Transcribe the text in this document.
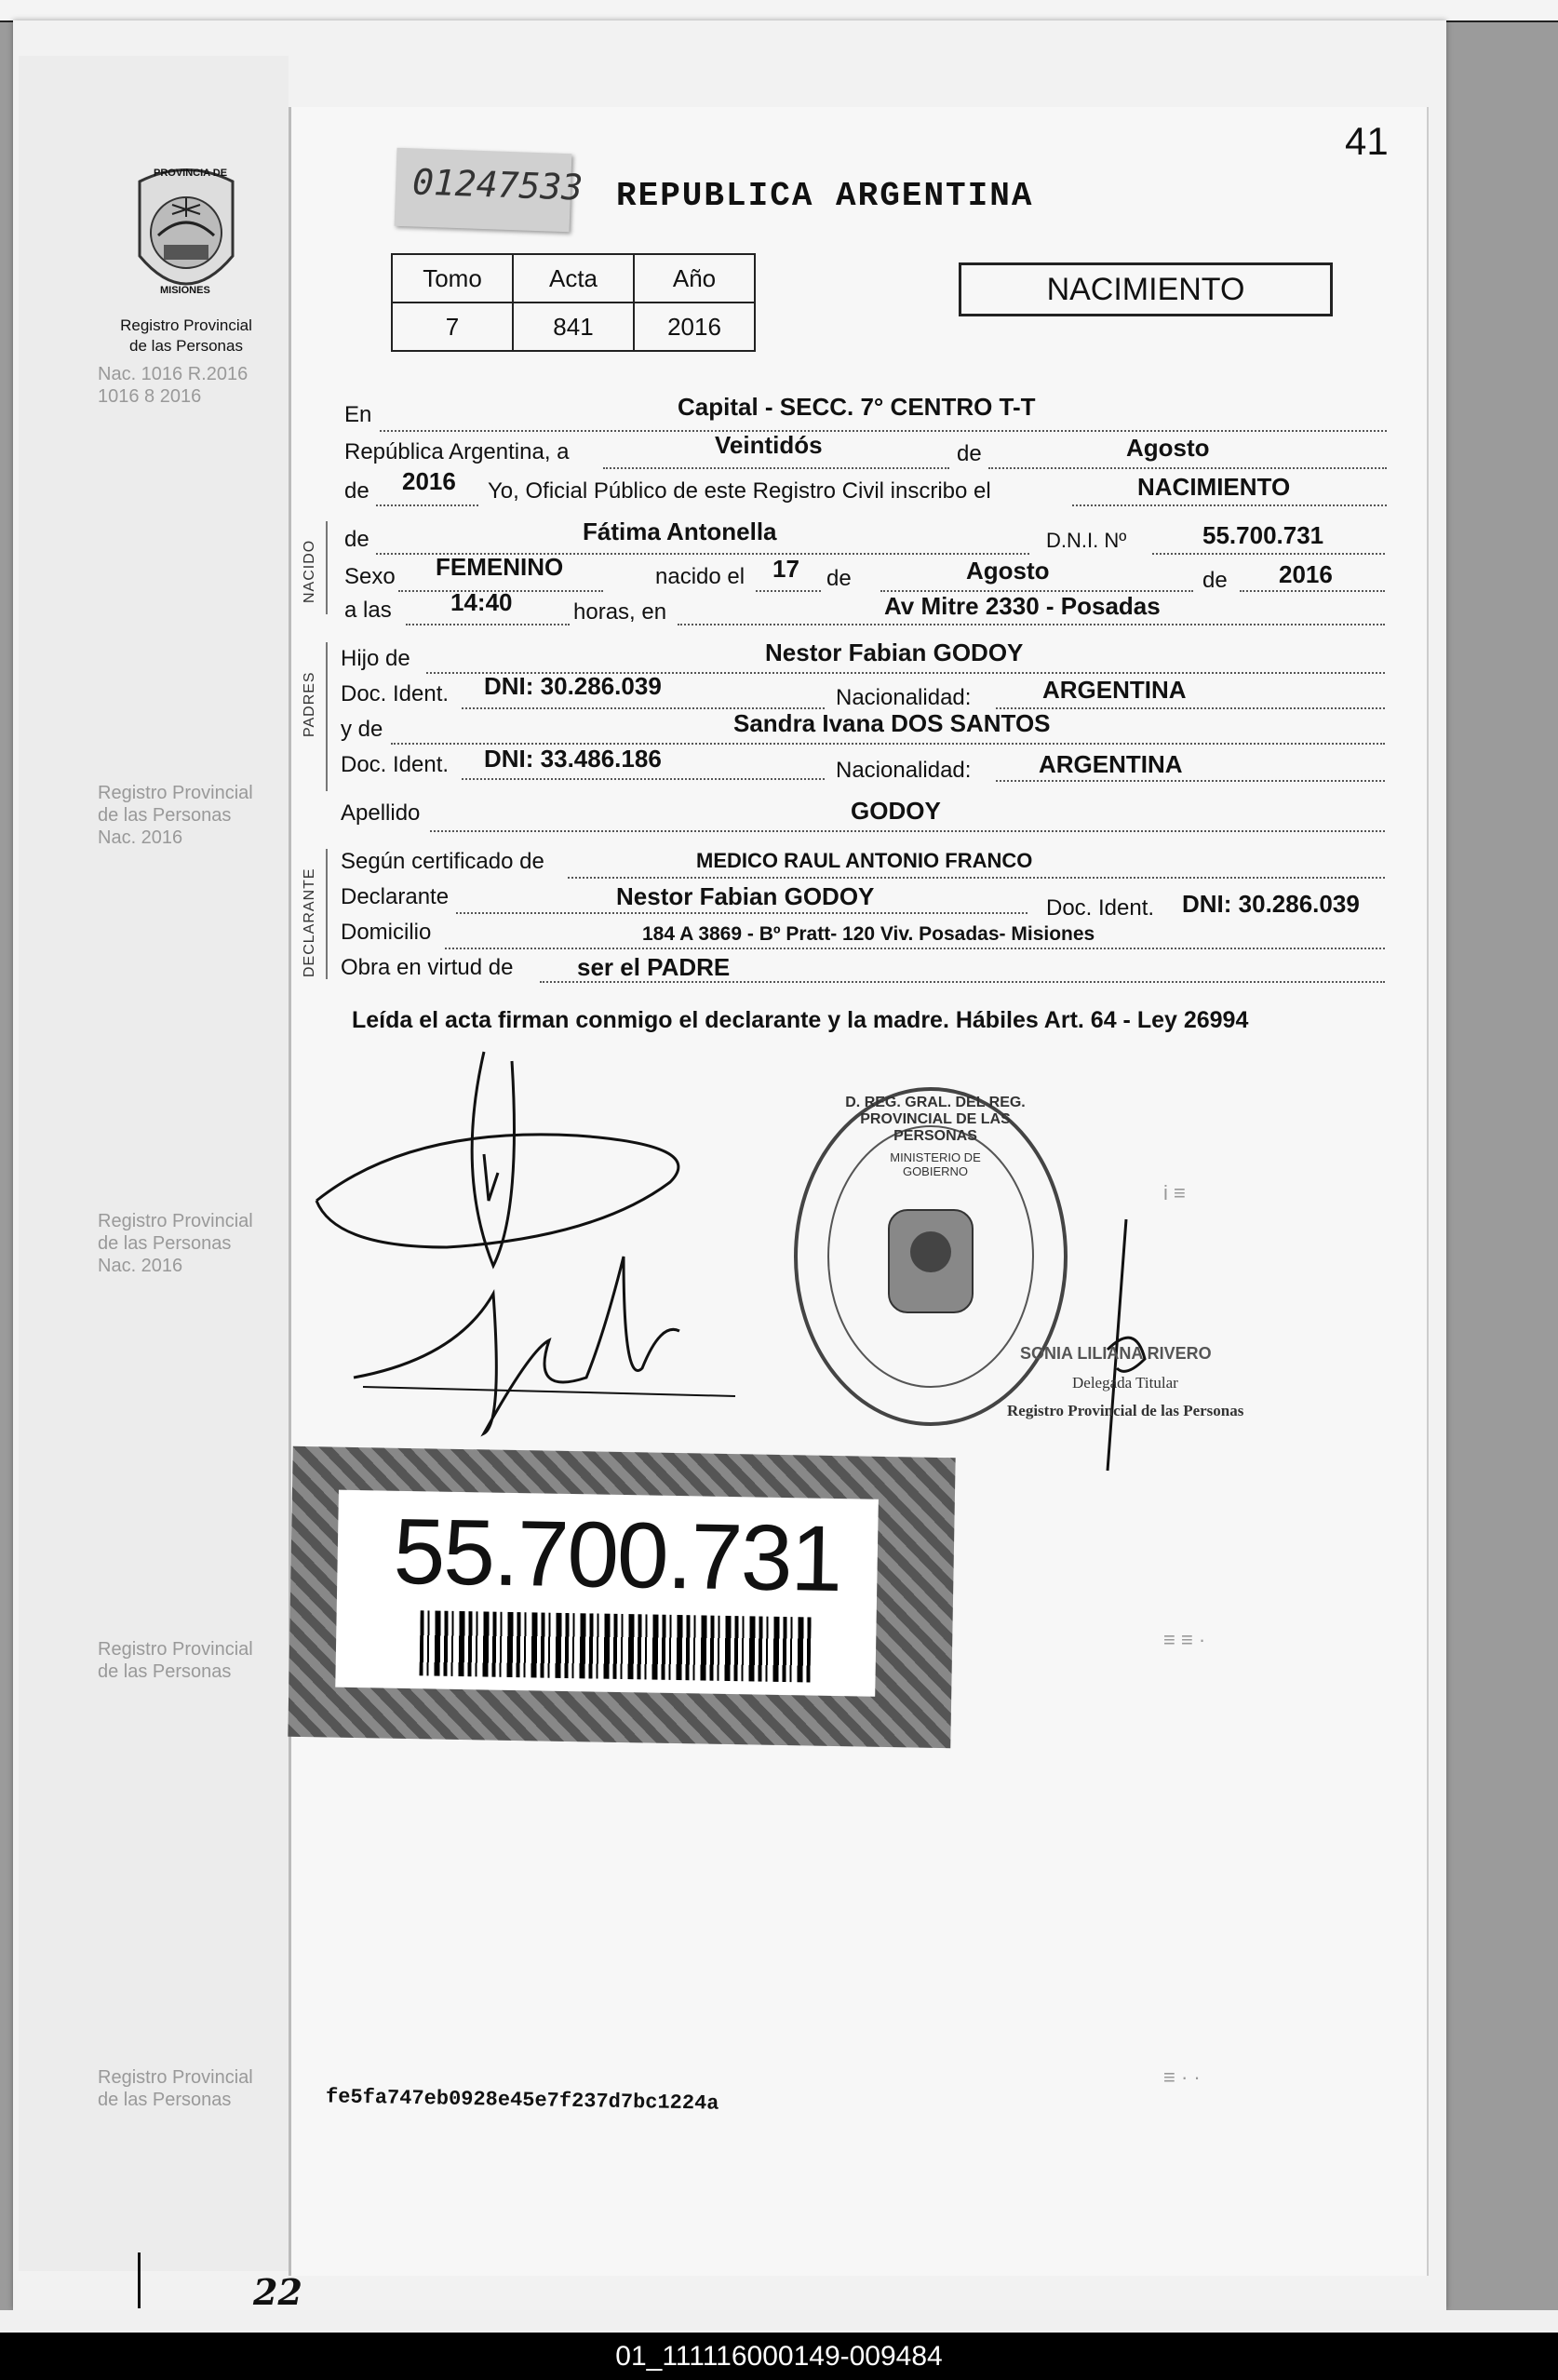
Nac. 1016 R.2016
1016 8 2016
Registro Provincial
de las Personas
Nac. 2016
Registro Provincial
de las Personas
Nac. 2016
Registro Provincial
de las Personas
Registro Provincial
de las Personas
41
PROVINCIA DE
MISIONES
Registro Provincial
de las Personas
01247533 REPUBLICA ARGENTINA
Tomo	Acta	Año
7	841	2016
NACIMIENTO
En	Capital - SECC. 7° CENTRO T-T
República Argentina, a	Veintidós	de	Agosto
de 2016 Yo, Oficial Público de este Registro Civil inscribo el	NACIMIENTO
NACIDO
de	Fátima Antonella	D.N.I. Nº	55.700.731
Sexo FEMENINO	nacido el 17 de	Agosto	de 2016
a las 14:40	horas, en	Av Mitre 2330 - Posadas
PADRES
Hijo de	Nestor Fabian GODOY
Doc. Ident. DNI: 30.286.039	Nacionalidad:	ARGENTINA
y de	Sandra Ivana DOS SANTOS
Doc. Ident. DNI: 33.486.186	Nacionalidad:	ARGENTINA
Apellido	GODOY
DECLARANTE
Según certificado de	MEDICO RAUL ANTONIO FRANCO
Declarante	Nestor Fabian GODOY	Doc. Ident. DNI: 30.286.039
Domicilio	184 A 3869 - Bº Pratt- 120 Viv. Posadas- Misiones
Obra en virtud de	ser el PADRE
Leída el acta firman conmigo el declarante y la madre. Hábiles Art. 64 - Ley 26994
D. REG. GRAL. DEL REG. PROVINCIAL DE LAS PERSONAS
MINISTERIO DE GOBIERNO
SONIA LILIANA RIVERO
Delegada Titular
Registro Provincial de las Personas
55.700.731
i ≡
≡ ≡ ·
≡ · ·
fe5fa747eb0928e45e7f237d7bc1224a
22
01_111116000149-009484
